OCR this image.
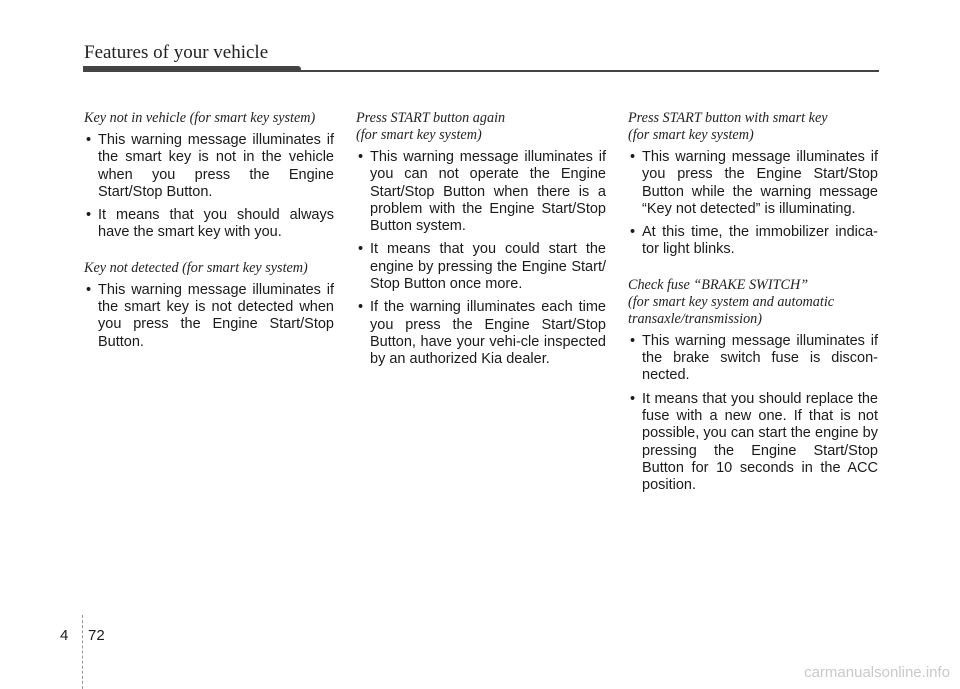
Features of your vehicle
Key not in vehicle (for smart key system)
• This warning message illuminates if the smart key is not in the vehicle when you press the Engine Start/Stop Button.
• It means that you should always have the smart key with you.
Key not detected (for smart key system)
• This warning message illuminates if the smart key is not detected when you press the Engine Start/Stop Button.
Press START button again
(for smart key system)
• This warning message illuminates if you can not operate the Engine Start/Stop Button when there is a problem with the Engine Start/Stop Button system.
• It means that you could start the engine by pressing the Engine Start/ Stop Button once more.
• If the warning illuminates each time you press the Engine Start/Stop Button, have your vehi-cle inspected by an authorized Kia dealer.
Press START button with smart key
(for smart key system)
• This warning message illuminates if you press the Engine Start/Stop Button while the warning message “Key not detected” is illuminating.
• At this time, the immobilizer indica-tor light blinks.
Check fuse “BRAKE SWITCH”
(for smart key system and automatic
transaxle/transmission)
• This warning message illuminates if the brake switch fuse is discon-nected.
• It means that you should replace the fuse with a new one. If that is not possible, you can start the engine by pressing the Engine Start/Stop Button for 10 seconds in the ACC position.
4 72
carmanualsonline.info
